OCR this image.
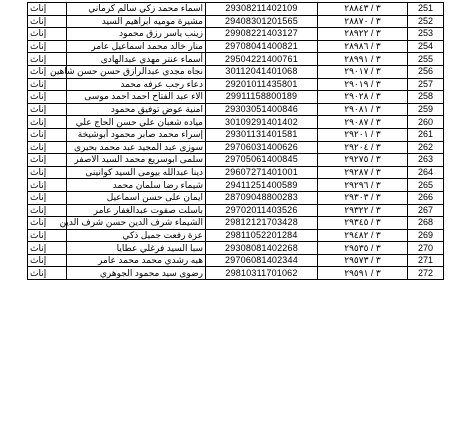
إناث	اسماء محمد زكي سالم كرماني	29308211402109	٣ / ٢٨٨٤٣	251
إناث	مشيرة موميه ابراهيم السيد	29408301201565	٣ / ٢٨٨٧٠	252
إناث	زينب ياسر رزق محمود	29908221403127	٣ / ٢٨٩٢٢	253
إناث	منار خالد محمد اسماعيل عامر	29708041400821	٣ / ٢٨٩٨٦	254
إناث	أسماء عنتر مهدي عبدالهادى	29504221400761	٣ / ٢٨٩٩١	255
إناث	نجاه مجدي عبدالرازق حسن حسن شاهين	30112041401068	٣ / ٢٩٠١٧	256
إناث	دعاء رجب عرفه محمد	29201011435801	٣ / ٢٩٠١٩	257
إناث	الاء عبد الفتاح احمد احمد موسى	29911158800189	٣ / ٢٩٠٢٨	258
إناث	امنية عوض توفيق محمود	29303051400846	٣ / ٢٩٠٨١	259
إناث	مياده شعبان علي حسن الحاج علي	30109291401402	٣ / ٢٩٠٨٧	260
إناث	إسراء محمد صابر محمود أبوشيخة	29301131401581	٣ / ٢٩٢٠١	261
إناث	سوزى عبد المجيد عبد محمد بحيرى	29706031400626	٣ / ٢٩٢٠٤	262
إناث	سلمى ابوسريع محمد السيد الاصفر	29705061400845	٣ / ٢٩٢٧٥	263
إناث	دينا عبدالله بيومى السيد كوانينى	29607271401001	٣ / ٢٩٢٨٧	264
إناث	شيماء رضا سلمان محمد	29411251400589	٣ / ٢٩٢٩٦	265
إناث	ايمان على حسن اسماعيل	28709048800283	٣ / ٢٩٣٠٣	266
إناث	باسلت صفوت عبدالغفار عامر	29702011403526	٣ / ٢٩٣٢٢	267
إناث	الشيماء شرف الدين حسن شرف الدين	29812121703428	٣ / ٢٩٣٤٥	268
إناث	عزة رفعت جميل ذكي	29811052201284	٣ / ٢٩٤٨٢	269
إناث	سبا السيد فرغلي عطايا	29308081402268	٣ / ٢٩٥٣٥	270
إناث	هبه رشدي محمد محمد عامر	29706081402344	٣ / ٢٩٥٧٣	271
إناث	رضوى سيد محمود الجوهري	29810311701062	٣ / ٢٩٥٩١	272
